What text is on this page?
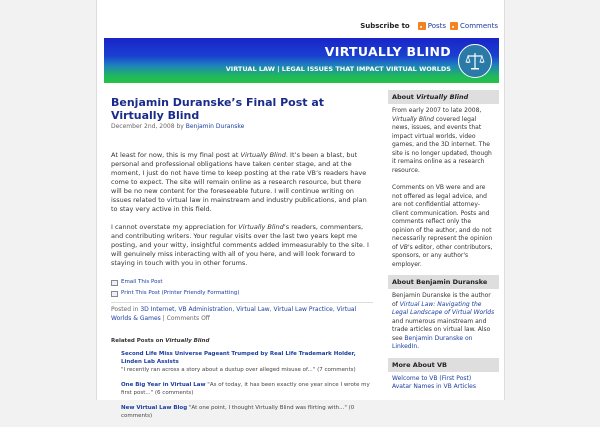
Subscribe to	Posts Comments
VIRTUALLY BLIND
VIRTUAL LAW | LEGAL ISSUES THAT IMPACT VIRTUAL WORLDS
Benjamin Duranske’s Final Post at Virtually Blind
December 2nd, 2008 by Benjamin Duranske

At least for now, this is my final post at Virtually Blind. It’s been a blast, but personal and professional obligations have taken center stage, and at the moment, I just do not have time to keep posting at the rate VB’s readers have come to expect. The site will remain online as a research resource, but there will be no new content for the foreseeable future. I will continue writing on issues related to virtual law in mainstream and industry publications, and plan to stay very active in this field.

I cannot overstate my appreciation for Virtually Blind’s readers, commenters, and contributing writers. Your regular visits over the last two years kept me posting, and your witty, insightful comments added immeasurably to the site. I will genuinely miss interacting with all of you here, and will look forward to staying in touch with you in other forums.

Email This Post
Print This Post (Printer Friendly Formatting)
Posted in 3D Internet, VB Administration, Virtual Law, Virtual Law Practice, Virtual Worlds & Games | Comments Off
Related Posts on Virtually Blind
Second Life Miss Universe Pageant Trumped by Real Life Trademark Holder, Linden Lab Assists
"I recently ran across a story about a dustup over alleged misuse of..." (7 comments)
One Big Year in Virtual Law "As of today, it has been exactly one year since I wrote my first post..." (6 comments)
New Virtual Law Blog "At one point, I thought Virtually Blind was flirting with..." (0 comments)
About Virtually Blind
From early 2007 to late 2008, Virtually Blind covered legal news, issues, and events that impact virtual worlds, video games, and the 3D internet. The site is no longer updated, though it remains online as a research resource.
Comments on VB were and are not offered as legal advice, and are not confidential attorney-client communication. Posts and comments reflect only the opinion of the author, and do not necessarily represent the opinion of VB's editor, other contributors, sponsors, or any author's employer.
About Benjamin Duranske
Benjamin Duranske is the author of Virtual Law: Navigating the Legal Landscape of Virtual Worlds and numerous mainstream and trade articles on virtual law. Also see Benjamin Duranske on LinkedIn.
More About VB
Welcome to VB (First Post)
Avatar Names in VB Articles
